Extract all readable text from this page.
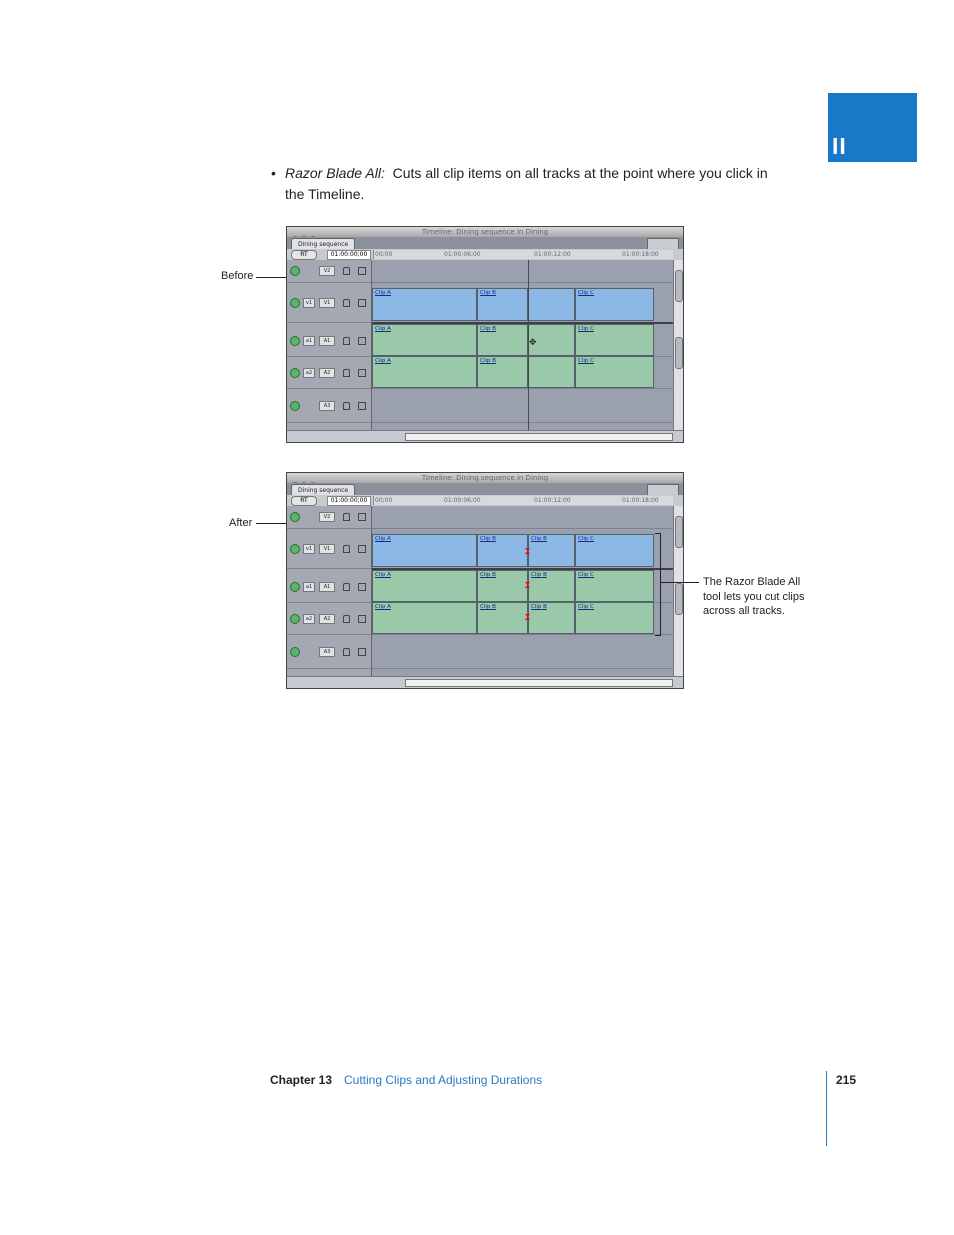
II
• Razor Blade All: Cuts all clip items on all tracks at the point where you click in the Timeline.
Before
Timeline: Dining sequence in Dining
Dining sequence
RT	01:00:00;00	00;00	01:00:06;00	01:00:12;00	01:00:18;00
V2
v1	V1
a1	A1
a2	A2
A3
Clip A	Clip B	Clip C
Clip A	Clip B	Clip C
Clip A	Clip B	Clip C
✥
After
Timeline: Dining sequence in Dining
Dining sequence
RT	01:00:00;00	00;00	01:00:06;00	01:00:12;00	01:00:18;00
V2
v1	V1
a1	A1
a2	A2
A3
Clip A	Clip B	Clip B	Clip C
Clip A	Clip B	Clip B	Clip C
Clip A	Clip B	Clip B	Clip C
The Razor Blade All
tool lets you cut clips
across all tracks.
Chapter 13 Cutting Clips and Adjusting Durations	215
